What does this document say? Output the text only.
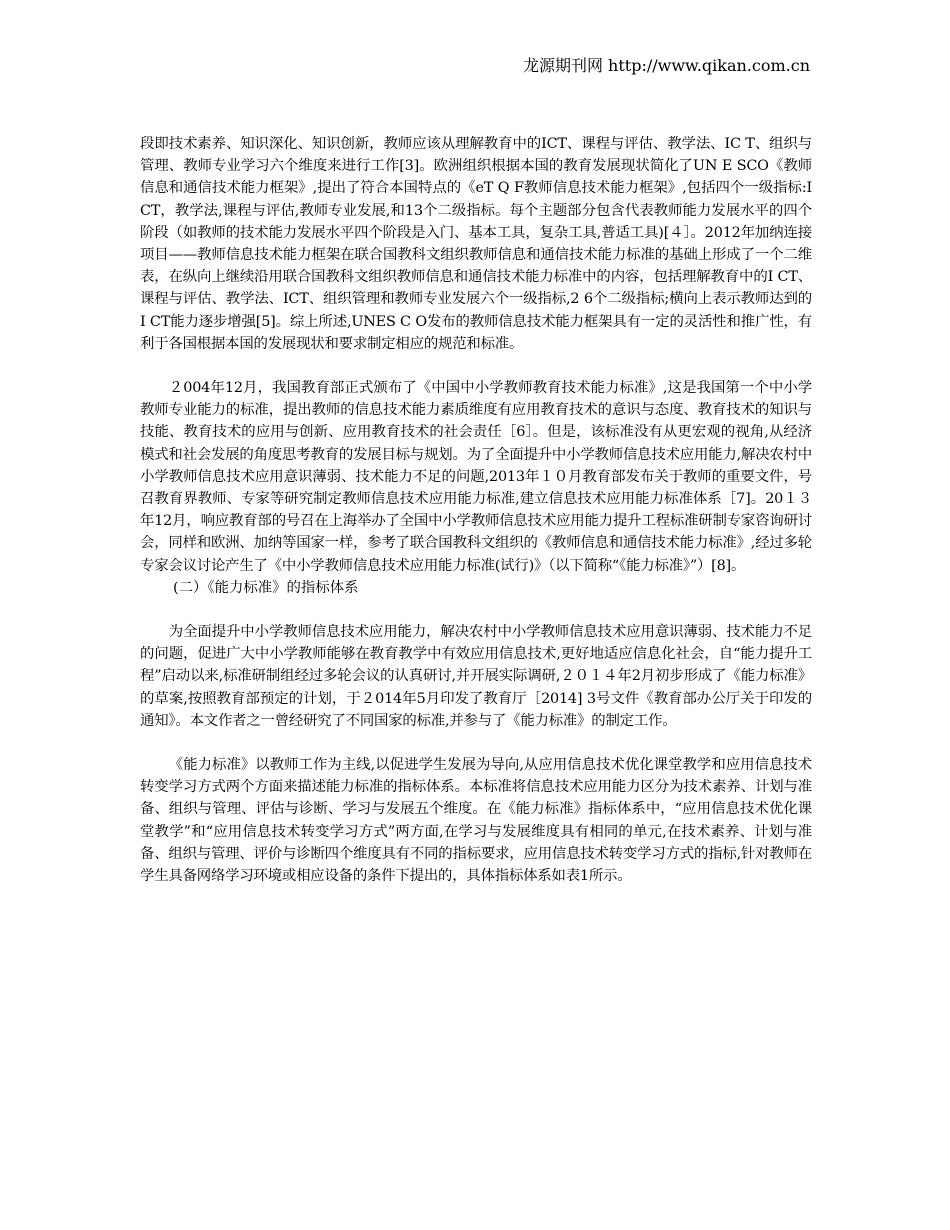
龙源期刊网 http://www.qikan.com.cn

段即技术素养、知识深化、知识创新，教师应该从理解教育中的ICT、课程与评估、教学法、IC T、组织与管理、教师专业学习六个维度来进行工作[3]。欧洲组织根据本国的教育发展现状简化了UN E SCO《教师信息和通信技术能力框架》,提出了符合本国特点的《eT Q F教师信息技术能力框架》,包括四个一级指标:ICT，教学法,课程与评估,教师专业发展,和13个二级指标。每个主题部分包含代表教师能力发展水平的四个阶段（如教师的技术能力发展水平四个阶段是入门、基本工具，复杂工具,普适工具)[４］。2012年加纳连接项目——教师信息技术能力框架在联合国教科文组织教师信息和通信技术能力标准的基础上形成了一个二维表，在纵向上继续沿用联合国教科文组织教师信息和通信技术能力标准中的内容，包括理解教育中的I CT、课程与评估、教学法、ICT、组织管理和教师专业发展六个一级指标,2 6个二级指标;横向上表示教师达到的I CT能力逐步增强[5]。综上所述,UNES C O发布的教师信息技术能力框架具有一定的灵活性和推广性，有利于各国根据本国的发展现状和要求制定相应的规范和标准。

２004年12月，我国教育部正式颁布了《中国中小学教师教育技术能力标准》,这是我国第一个中小学教师专业能力的标准，提出教师的信息技术能力素质维度有应用教育技术的意识与态度、教育技术的知识与技能、教育技术的应用与创新、应用教育技术的社会责任［6］。但是，该标准没有从更宏观的视角,从经济模式和社会发展的角度思考教育的发展目标与规划。为了全面提升中小学教师信息技术应用能力,解决农村中小学教师信息技术应用意识薄弱、技术能力不足的问题,2013年１０月教育部发布关于教师的重要文件，号召教育界教师、专家等研究制定教师信息技术应用能力标准,建立信息技术应用能力标准体系［7]。20１３年12月，响应教育部的号召在上海举办了全国中小学教师信息技术应用能力提升工程标准研制专家咨询研讨会，同样和欧洲、加纳等国家一样，参考了联合国教科文组织的《教师信息和通信技术能力标准》,经过多轮专家会议讨论产生了《中小学教师信息技术应用能力标准(试行)》（以下简称“《能力标准》”）[8]。

(二）《能力标准》的指标体系

为全面提升中小学教师信息技术应用能力，解决农村中小学教师信息技术应用意识薄弱、技术能力不足的问题，促进广大中小学教师能够在教育教学中有效应用信息技术,更好地适应信息化社会，自“能力提升工程”启动以来,标准研制组经过多轮会议的认真研讨,并开展实际调研,２０１４年2月初步形成了《能力标准》的草案,按照教育部预定的计划，于２014年5月印发了教育厅［2014] 3号文件《教育部办公厅关于印发的通知》。本文作者之一曾经研究了不同国家的标准,并参与了《能力标准》的制定工作。

《能力标准》以教师工作为主线,以促进学生发展为导向,从应用信息技术优化课堂教学和应用信息技术转变学习方式两个方面来描述能力标准的指标体系。本标准将信息技术应用能力区分为技术素养、计划与准备、组织与管理、评估与诊断、学习与发展五个维度。在《能力标准》指标体系中，“应用信息技术优化课堂教学”和“应用信息技术转变学习方式”两方面,在学习与发展维度具有相同的单元,在技术素养、计划与准备、组织与管理、评价与诊断四个维度具有不同的指标要求，应用信息技术转变学习方式的指标,针对教师在学生具备网络学习环境或相应设备的条件下提出的，具体指标体系如表1所示。
